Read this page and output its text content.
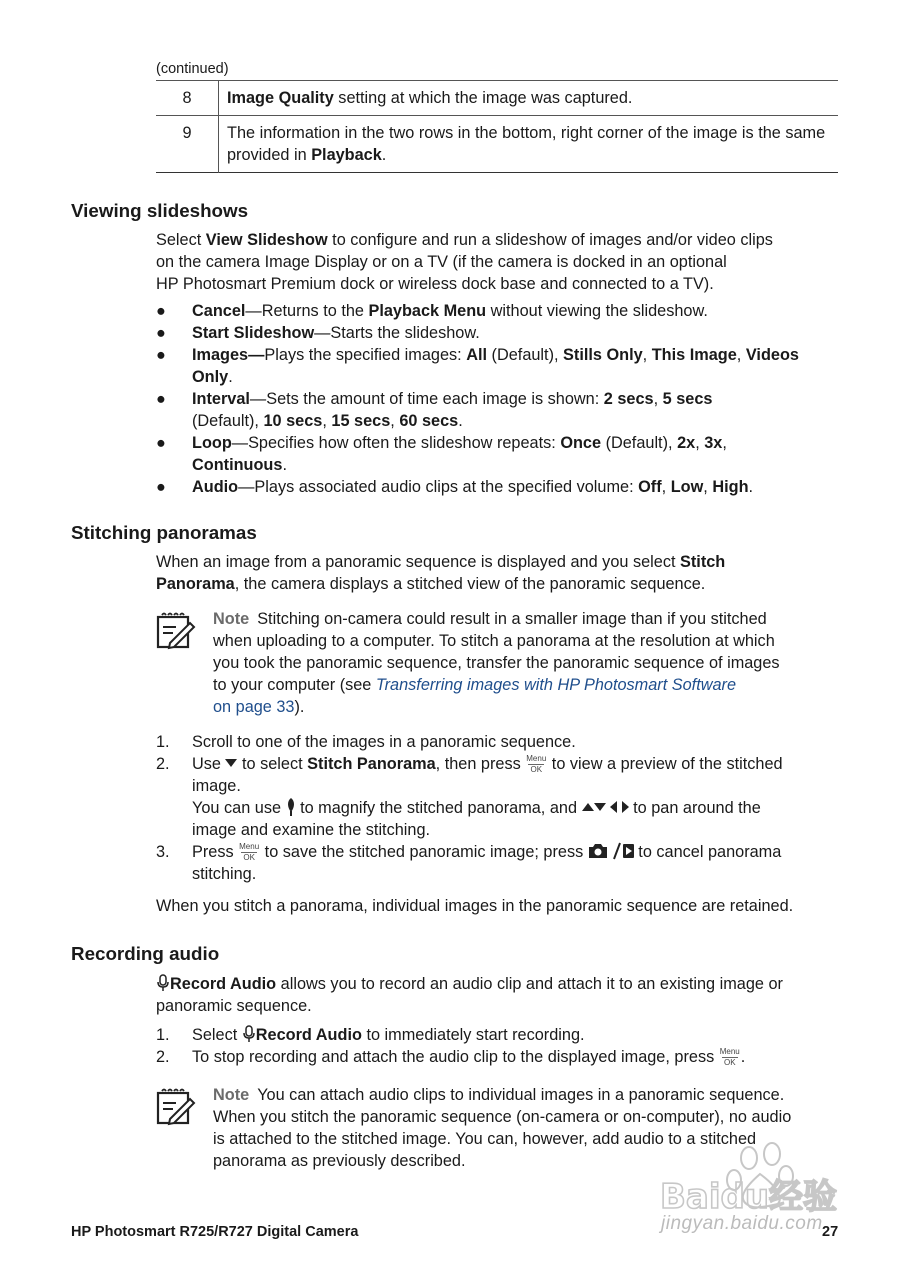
(continued)
8	Image Quality setting at which the image was captured.
9	The information in the two rows in the bottom, right corner of the image is the same provided in Playback.
Viewing slideshows
Select View Slideshow to configure and run a slideshow of images and/or video clips
on the camera Image Display or on a TV (if the camera is docked in an optional
HP Photosmart Premium dock or wireless dock base and connected to a TV).
● Cancel—Returns to the Playback Menu without viewing the slideshow.
● Start Slideshow—Starts the slideshow.
● Images—Plays the specified images: All (Default), Stills Only, This Image, Videos
Only.
● Interval—Sets the amount of time each image is shown: 2 secs, 5 secs
(Default), 10 secs, 15 secs, 60 secs.
● Loop—Specifies how often the slideshow repeats: Once (Default), 2x, 3x,
Continuous.
● Audio—Plays associated audio clips at the specified volume: Off, Low, High.
Stitching panoramas
When an image from a panoramic sequence is displayed and you select Stitch
Panorama, the camera displays a stitched view of the panoramic sequence.
Note Stitching on-camera could result in a smaller image than if you stitched
when uploading to a computer. To stitch a panorama at the resolution at which
you took the panoramic sequence, transfer the panoramic sequence of images
to your computer (see Transferring images with HP Photosmart Software
on page 33).
1. Scroll to one of the images in a panoramic sequence.
2. Use  to select Stitch Panorama, then press Menu
OK to view a preview of the stitched
image.
You can use  to magnify the stitched panorama, and	to pan around the
image and examine the stitching.
3. Press Menu
OK to save the stitched panoramic image; press	to cancel panorama
stitching.
When you stitch a panorama, individual images in the panoramic sequence are retained.
Recording audio
Record Audio allows you to record an audio clip and attach it to an existing image or
panoramic sequence.
1. Select Record Audio to immediately start recording.
2. To stop recording and attach the audio clip to the displayed image, press Menu
OK .
Note You can attach audio clips to individual images in a panoramic sequence.
When you stitch the panoramic sequence (on-camera or on-computer), no audio
is attached to the stitched image. You can, however, add audio to a stitched
panorama as previously described.
Baidu经验
jingyan.baidu.com
HP Photosmart R725/R727 Digital Camera	27
